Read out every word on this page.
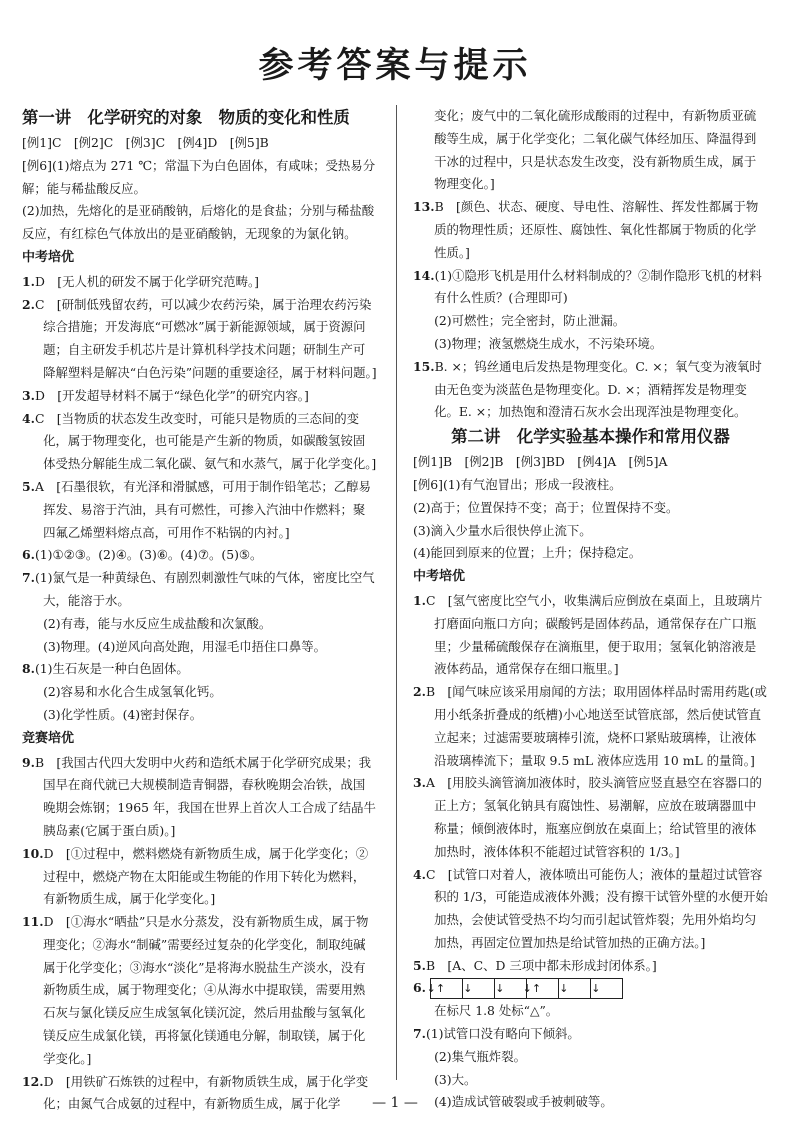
参考答案与提示
第一讲　化学研究的对象　物质的变化和性质
[例1]C　[例2]C　[例3]C　[例4]D　[例5]B
[例6](1)熔点为 271 ℃；常温下为白色固体，有咸味；受热易分解；能与稀盐酸反应。
(2)加热，先熔化的是亚硝酸钠，后熔化的是食盐；分别与稀盐酸反应，有红棕色气体放出的是亚硝酸钠，无现象的为氯化钠。
中考培优
1.D　[无人机的研发不属于化学研究范畴。]
2.C　[研制低残留农药，可以减少农药污染，属于治理农药污染综合措施；开发海底“可燃冰”属于新能源领域，属于资源问题；自主研发手机芯片是计算机科学技术问题；研制生产可降解塑料是解决“白色污染”问题的重要途径，属于材料问题。]
3.D　[开发超导材料不属于“绿色化学”的研究内容。]
4.C　[当物质的状态发生改变时，可能只是物质的三态间的变化，属于物理变化，也可能是产生新的物质，如碳酸氢铵固体受热分解能生成二氧化碳、氨气和水蒸气，属于化学变化。]
5.A　[石墨很软，有光泽和滑腻感，可用于制作铅笔芯；乙醇易挥发、易溶于汽油，具有可燃性，可掺入汽油中作燃料；聚四氟乙烯塑料熔点高，可用作不粘锅的内衬。]
6.(1)①②③。(2)④。(3)⑥。(4)⑦。(5)⑤。
7.(1)氯气是一种黄绿色、有剧烈刺激性气味的气体，密度比空气大，能溶于水。
(2)有毒，能与水反应生成盐酸和次氯酸。
(3)物理。(4)逆风向高处跑，用湿毛巾捂住口鼻等。
8.(1)生石灰是一种白色固体。
(2)容易和水化合生成氢氧化钙。
(3)化学性质。(4)密封保存。
竞赛培优
9.B　[我国古代四大发明中火药和造纸术属于化学研究成果；我国早在商代就已大规模制造青铜器，春秋晚期会冶铁，战国晚期会炼钢；1965 年，我国在世界上首次人工合成了结晶牛胰岛素(它属于蛋白质)。]
10.D　[①过程中，燃料燃烧有新物质生成，属于化学变化；②过程中，燃烧产物在太阳能或生物能的作用下转化为燃料，有新物质生成，属于化学变化。]
11.D　[①海水“晒盐”只是水分蒸发，没有新物质生成，属于物理变化；②海水“制碱”需要经过复杂的化学变化，制取纯碱属于化学变化；③海水“淡化”是将海水脱盐生产淡水，没有新物质生成，属于物理变化；④从海水中提取镁，需要用熟石灰与氯化镁反应生成氢氧化镁沉淀，然后用盐酸与氢氧化镁反应生成氯化镁，再将氯化镁通电分解，制取镁，属于化学变化。]
12.D　[用铁矿石炼铁的过程中，有新物质铁生成，属于化学变化；由氮气合成氨的过程中，有新物质生成，属于化学
变化；废气中的二氧化硫形成酸雨的过程中，有新物质亚硫酸等生成，属于化学变化；二氧化碳气体经加压、降温得到干冰的过程中，只是状态发生改变，没有新物质生成，属于物理变化。]
13.B　[颜色、状态、硬度、导电性、溶解性、挥发性都属于物质的物理性质；还原性、腐蚀性、氧化性都属于物质的化学性质。]
14.(1)①隐形飞机是用什么材料制成的？②制作隐形飞机的材料有什么性质？(合理即可)
(2)可燃性；完全密封，防止泄漏。
(3)物理；液氢燃烧生成水，不污染环境。
15.B. ×；钨丝通电后发热是物理变化。C. ×；氧气变为液氧时由无色变为淡蓝色是物理变化。D. ×；酒精挥发是物理变化。E. ×；加热饱和澄清石灰水会出现浑浊是物理变化。
第二讲　化学实验基本操作和常用仪器
[例1]B　[例2]B　[例3]BD　[例4]A　[例5]A
[例6](1)有气泡冒出；形成一段液柱。
(2)高于；位置保持不变；高于；位置保持不变。
(3)滴入少量水后很快停止流下。
(4)能回到原来的位置；上升；保持稳定。
中考培优
1.C　[氢气密度比空气小，收集满后应倒放在桌面上，且玻璃片打磨面向瓶口方向；碳酸钙是固体药品，通常保存在广口瓶里；少量稀硫酸保存在滴瓶里，便于取用；氢氧化钠溶液是液体药品，通常保存在细口瓶里。]
2.B　[闻气味应该采用扇闻的方法；取用固体样品时需用药匙(或用小纸条折叠成的纸槽)小心地送至试管底部，然后使试管直立起来；过滤需要玻璃棒引流，烧杯口紧贴玻璃棒，让液体沿玻璃棒流下；量取 9.5 mL 液体应选用 10 mL 的量筒。]
3.A　[用胶头滴管滴加液体时，胶头滴管应竖直悬空在容器口的正上方；氢氧化钠具有腐蚀性、易潮解，应放在玻璃器皿中称量；倾倒液体时，瓶塞应倒放在桌面上；给试管里的液体加热时，液体体积不能超过试管容积的 1/3。]
4.C　[试管口对着人，液体喷出可能伤人；液体的量超过试管容积的 1/3，可能造成液体外溅；没有擦干试管外壁的水便开始加热，会使试管受热不均匀而引起试管炸裂；先用外焰均匀加热，再固定位置加热是给试管加热的正确方法。]
5.B　[A、C、D 三项中都未形成封闭体系。]
6. ↓↑	↓	↓	↓↑	↓	↓
在标尺 1.8 处标“△”。
7.(1)试管口没有略向下倾斜。
(2)集气瓶炸裂。
(3)大。
(4)造成试管破裂或手被刺破等。
— 1 —
